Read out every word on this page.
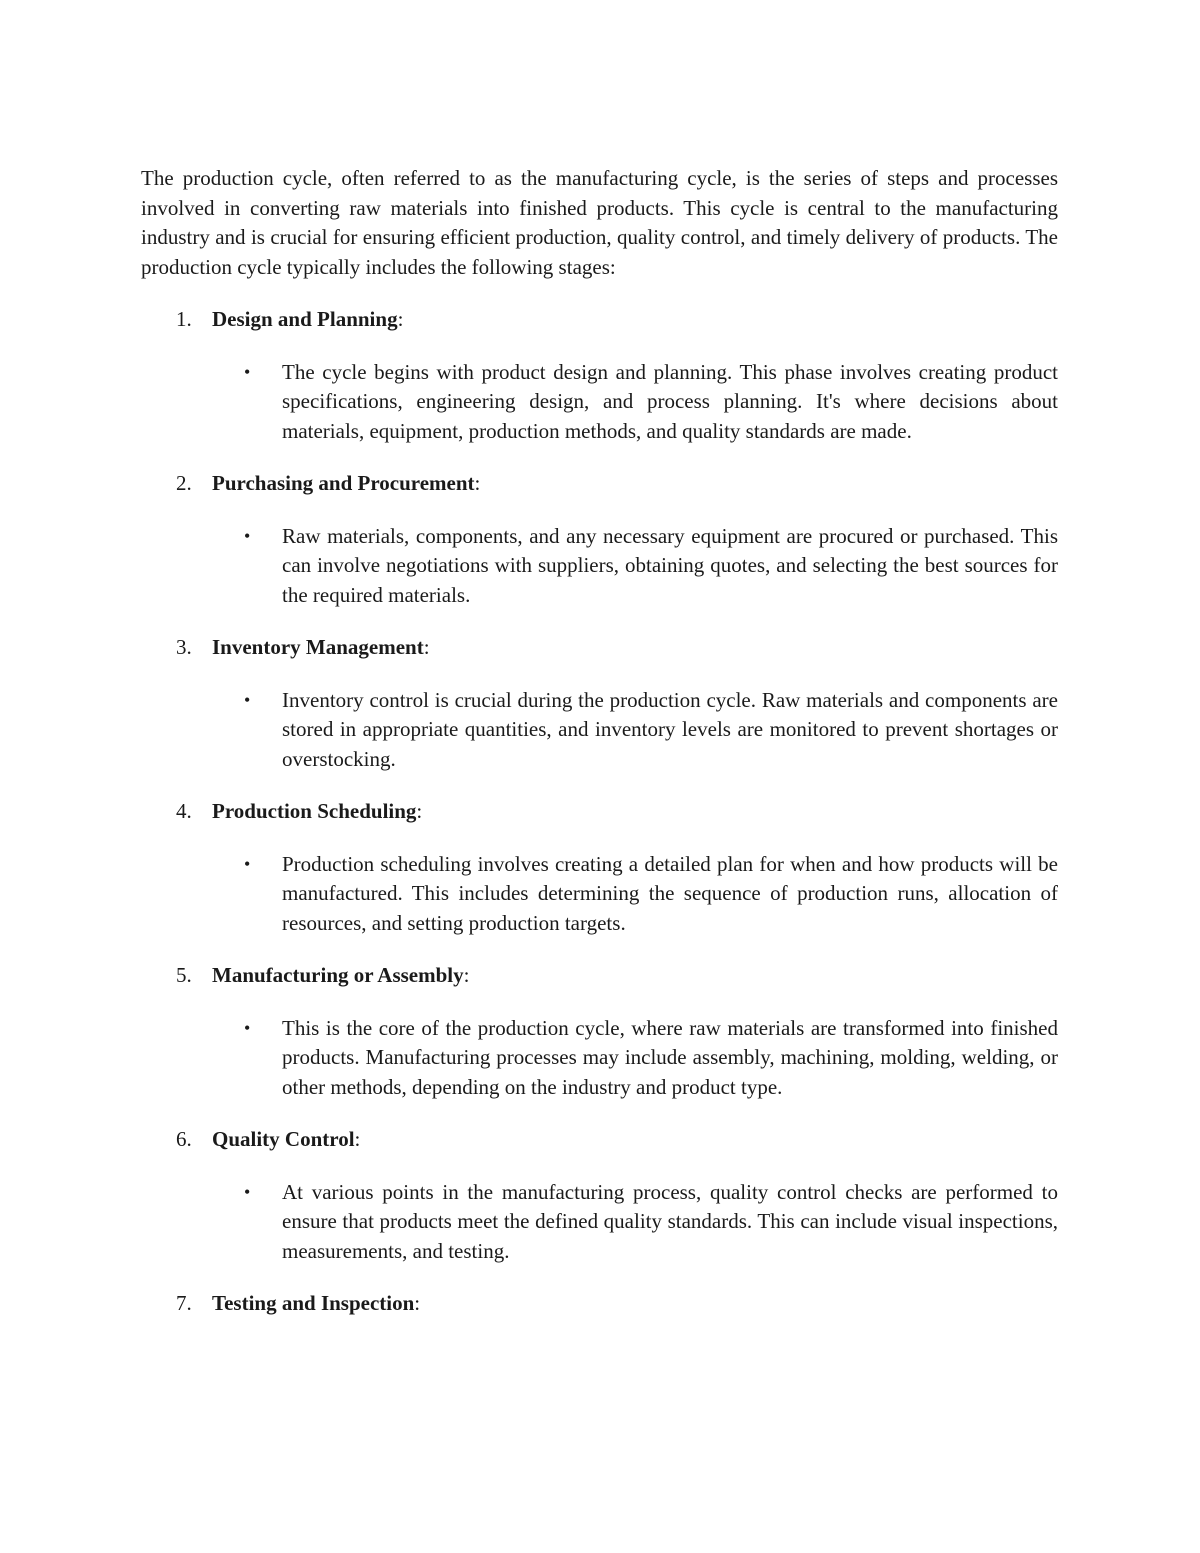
The production cycle, often referred to as the manufacturing cycle, is the series of steps and processes involved in converting raw materials into finished products. This cycle is central to the manufacturing industry and is crucial for ensuring efficient production, quality control, and timely delivery of products. The production cycle typically includes the following stages:

1. Design and Planning:
• The cycle begins with product design and planning. This phase involves creating product specifications, engineering design, and process planning. It's where decisions about materials, equipment, production methods, and quality standards are made.
2. Purchasing and Procurement:
• Raw materials, components, and any necessary equipment are procured or purchased. This can involve negotiations with suppliers, obtaining quotes, and selecting the best sources for the required materials.
3. Inventory Management:
• Inventory control is crucial during the production cycle. Raw materials and components are stored in appropriate quantities, and inventory levels are monitored to prevent shortages or overstocking.
4. Production Scheduling:
• Production scheduling involves creating a detailed plan for when and how products will be manufactured. This includes determining the sequence of production runs, allocation of resources, and setting production targets.
5. Manufacturing or Assembly:
• This is the core of the production cycle, where raw materials are transformed into finished products. Manufacturing processes may include assembly, machining, molding, welding, or other methods, depending on the industry and product type.
6. Quality Control:
• At various points in the manufacturing process, quality control checks are performed to ensure that products meet the defined quality standards. This can include visual inspections, measurements, and testing.
7. Testing and Inspection:
